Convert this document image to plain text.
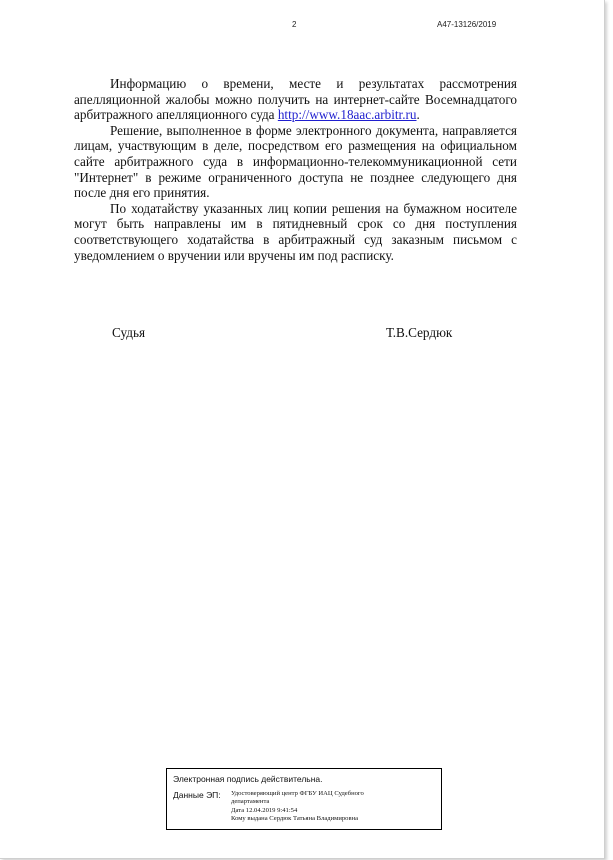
2	А47-13126/2019

Информацию о времени, месте и результатах рассмотрения апелляционной жалобы можно получить на интернет-сайте Восемнадцатого арбитражного апелляционного суда http://www.18aac.arbitr.ru.

Решение, выполненное в форме электронного документа, направляется лицам, участвующим в деле, посредством его размещения на официальном сайте арбитражного суда в информационно-телекоммуникационной сети "Интернет" в режиме ограниченного доступа не позднее следующего дня после дня его принятия.

По ходатайству указанных лиц копии решения на бумажном носителе могут быть направлены им в пятидневный срок со дня поступления соответствующего ходатайства в арбитражный суд заказным письмом с уведомлением о вручении или вручены им под расписку.

Судья	Т.В.Сердюк
Электронная подпись действительна.
Данные ЭП:	Удостоверяющий центр ФГБУ ИАЦ Судебного
департамента
Дата 12.04.2019 9:41:54
Кому выдана Сердюк Татьяна Владимировна
